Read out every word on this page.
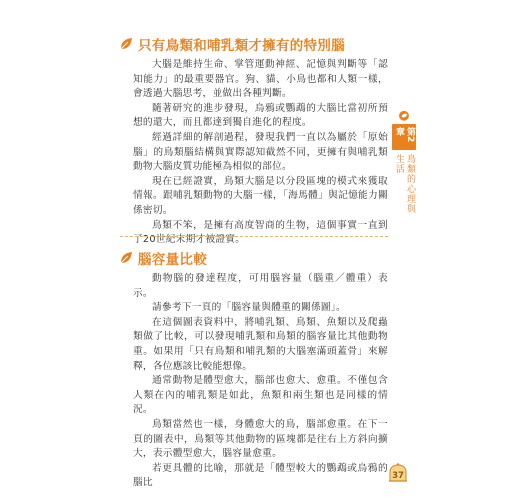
只有鳥類和哺乳類才擁有的特別腦

大腦是維持生命、掌管運動神經、記憶與判斷等「認知能力」的最重要器官。狗、貓、小鳥也都和人類一樣，會透過大腦思考，並做出各種判斷。

隨著研究的進步發現，烏鴉或鸚鵡的大腦比當初所預想的還大，而且都達到獨自進化的程度。

經過詳細的解剖過程，發現我們一直以為屬於「原始腦」的鳥類腦結構與實際認知截然不同，更擁有與哺乳類動物大腦皮質功能極為相似的部位。

現在已經證實，鳥類大腦是以分段區塊的模式來獲取情報。跟哺乳類動物的大腦一樣，「海馬體」與記憶能力關係密切。

鳥類不笨，是擁有高度智商的生物，這個事實一直到了20世紀末期才被證實。

腦容量比較

動物腦的發達程度，可用腦容量（腦重／體重）表示。

請參考下一頁的「腦容量與體重的關係圖」。

在這個圖表資料中，將哺乳類、鳥類、魚類以及爬蟲類做了比較，可以發現哺乳類和鳥類的腦容量比其他動物重。如果用「只有鳥類和哺乳類的大腦塞滿頭蓋骨」來解釋，各位應該比較能想像。

通常動物是體型愈大，腦部也愈大、愈重。不僅包含人類在內的哺乳類是如此，魚類和兩生類也是同樣的情況。

鳥類當然也一樣，身體愈大的鳥，腦部愈重。在下一頁的圖表中，鳥類等其他動物的區塊都是往右上方斜向擴大，表示體型愈大，腦容量愈重。

若更具體的比喻，那就是「體型較大的鸚鵡或烏鴉的腦比

第2章
鳥類的心理與生活
37
